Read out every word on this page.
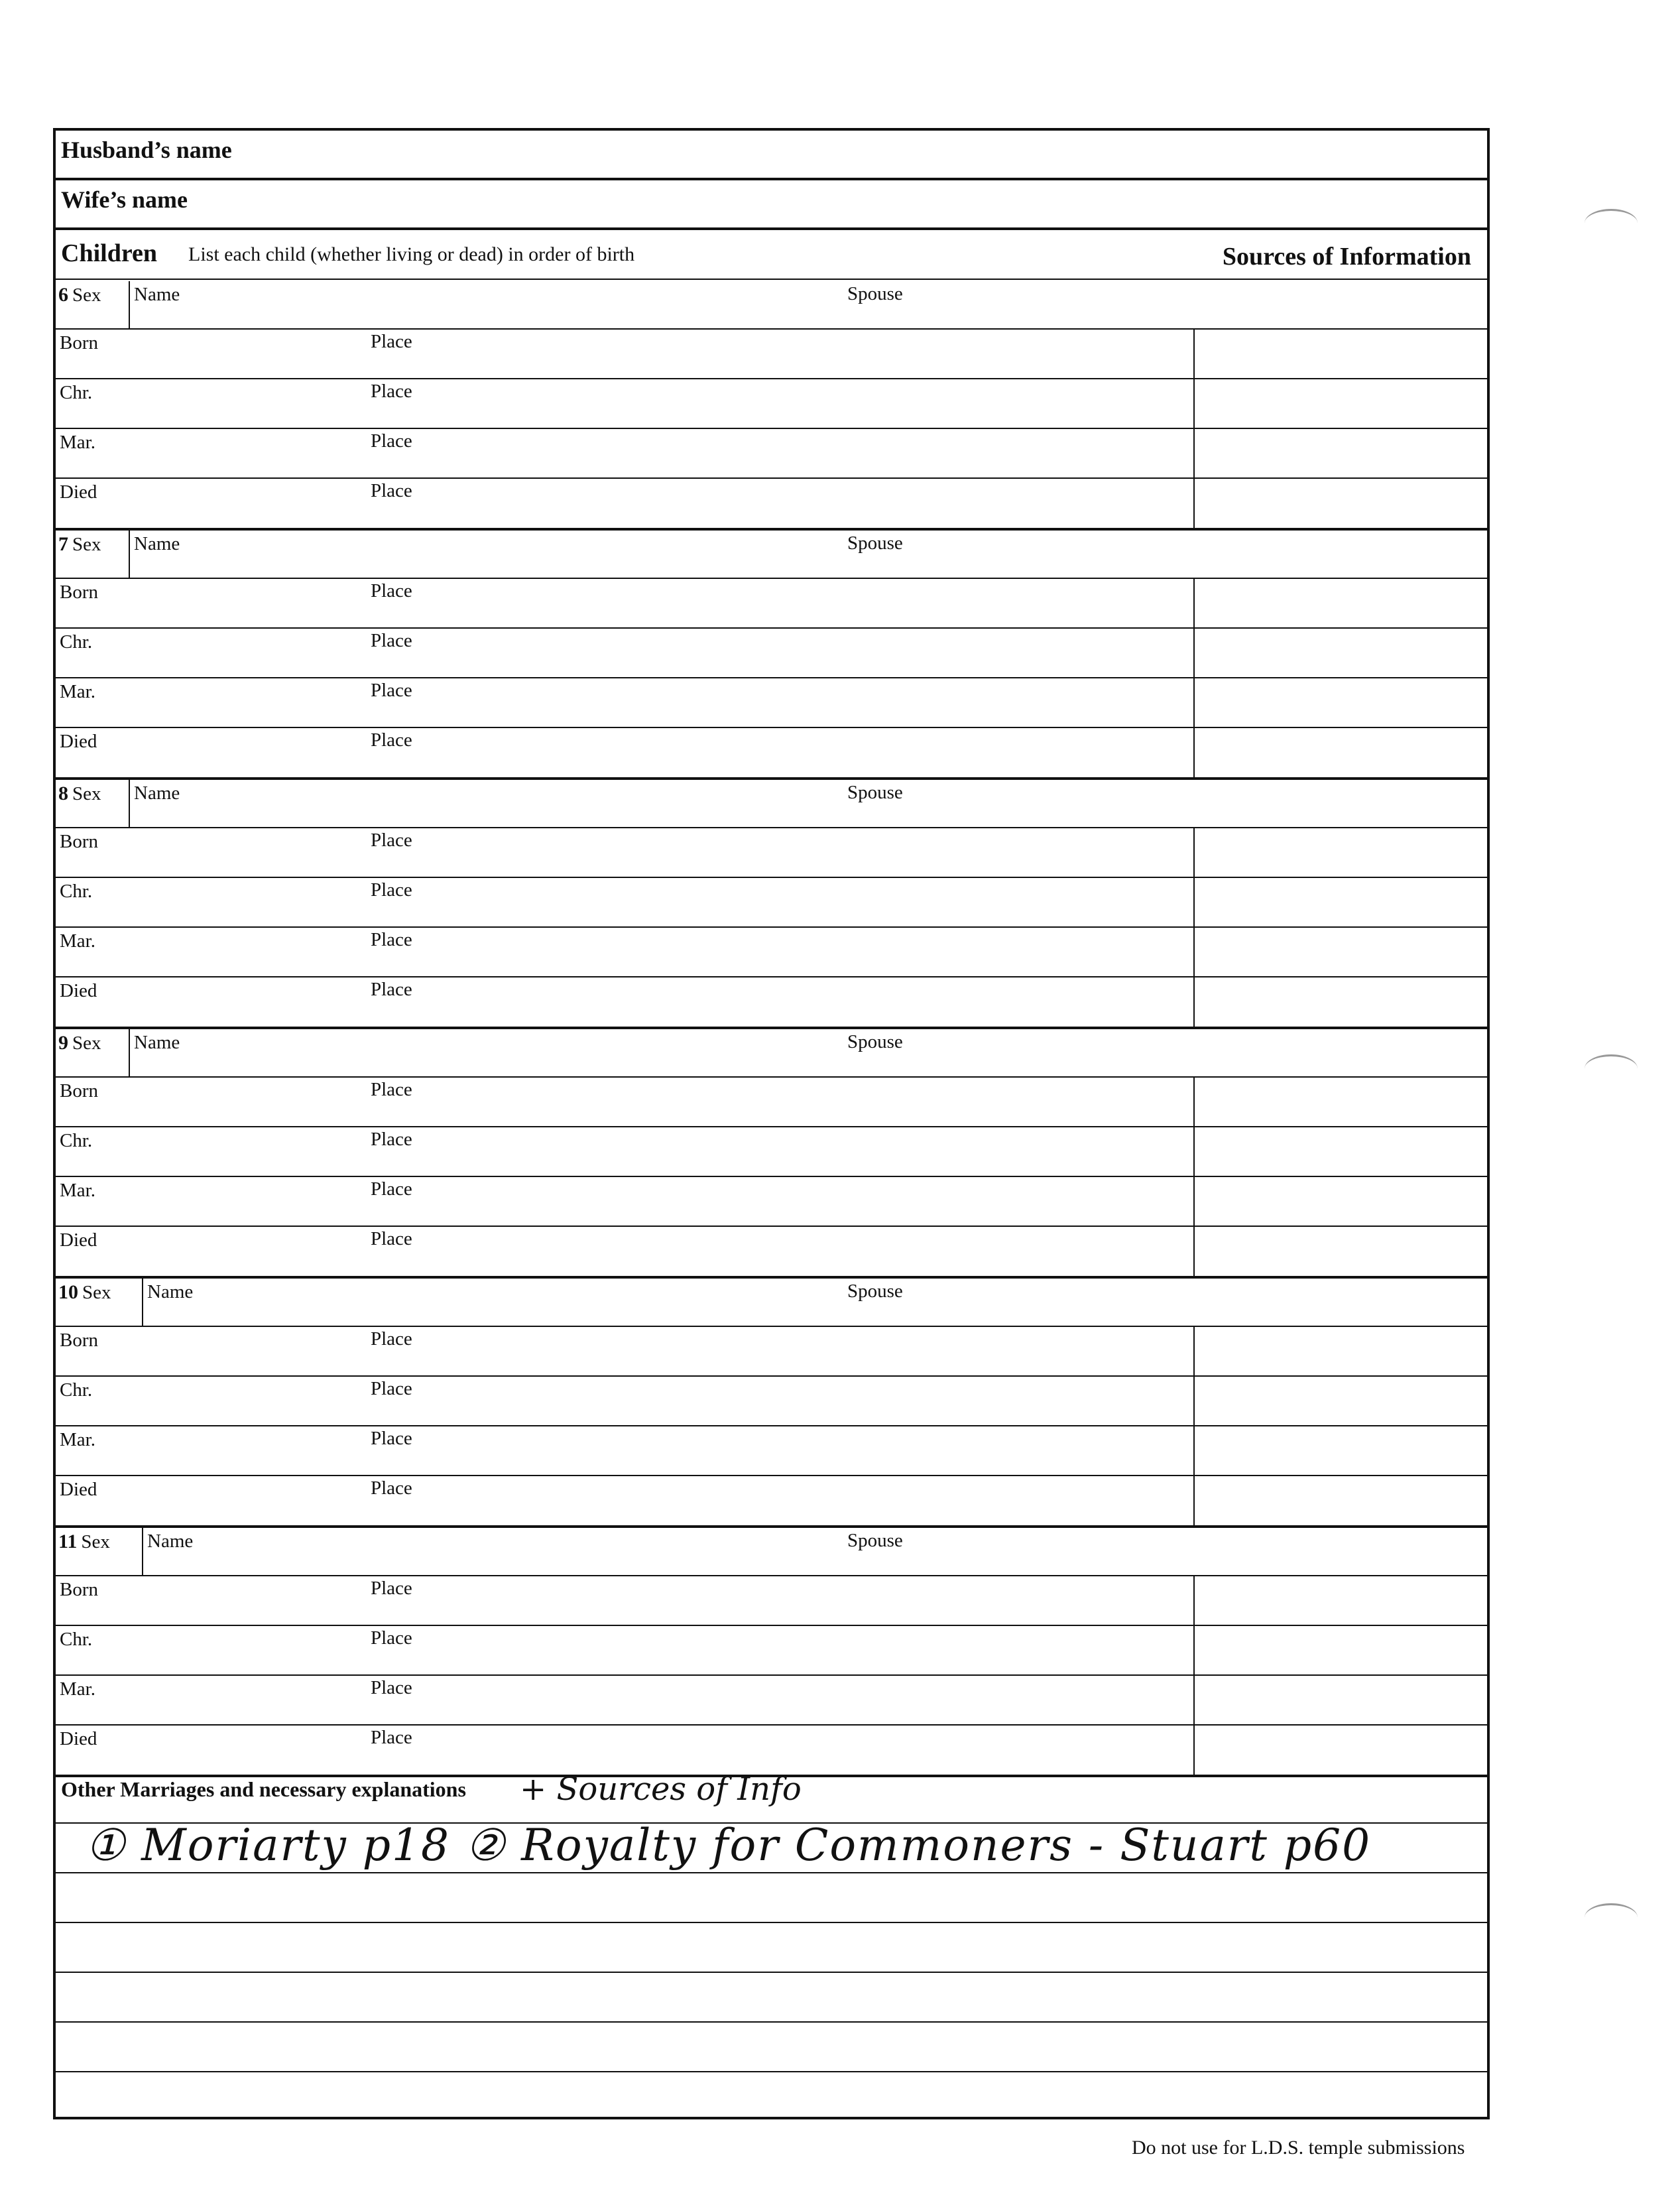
Husband’s name
Wife’s name
Children List each child (whether living or dead) in order of birth	Sources of Information
6 Sex Name	Spouse
Born	Place
Chr.	Place
Mar.	Place
Died	Place
7 Sex Name	Spouse
Born	Place
Chr.	Place
Mar.	Place
Died	Place
8 Sex Name	Spouse
Born	Place
Chr.	Place
Mar.	Place
Died	Place
9 Sex Name	Spouse
Born	Place
Chr.	Place
Mar.	Place
Died	Place
10 Sex Name	Spouse
Born	Place
Chr.	Place
Mar.	Place
Died	Place
11 Sex Name	Spouse
Born	Place
Chr.	Place
Mar.	Place
Died	Place
Other Marriages and necessary explanations + Sources of Info
① Moriarty p18 ② Royalty for Commoners - Stuart p60
Do not use for L.D.S. temple submissions
